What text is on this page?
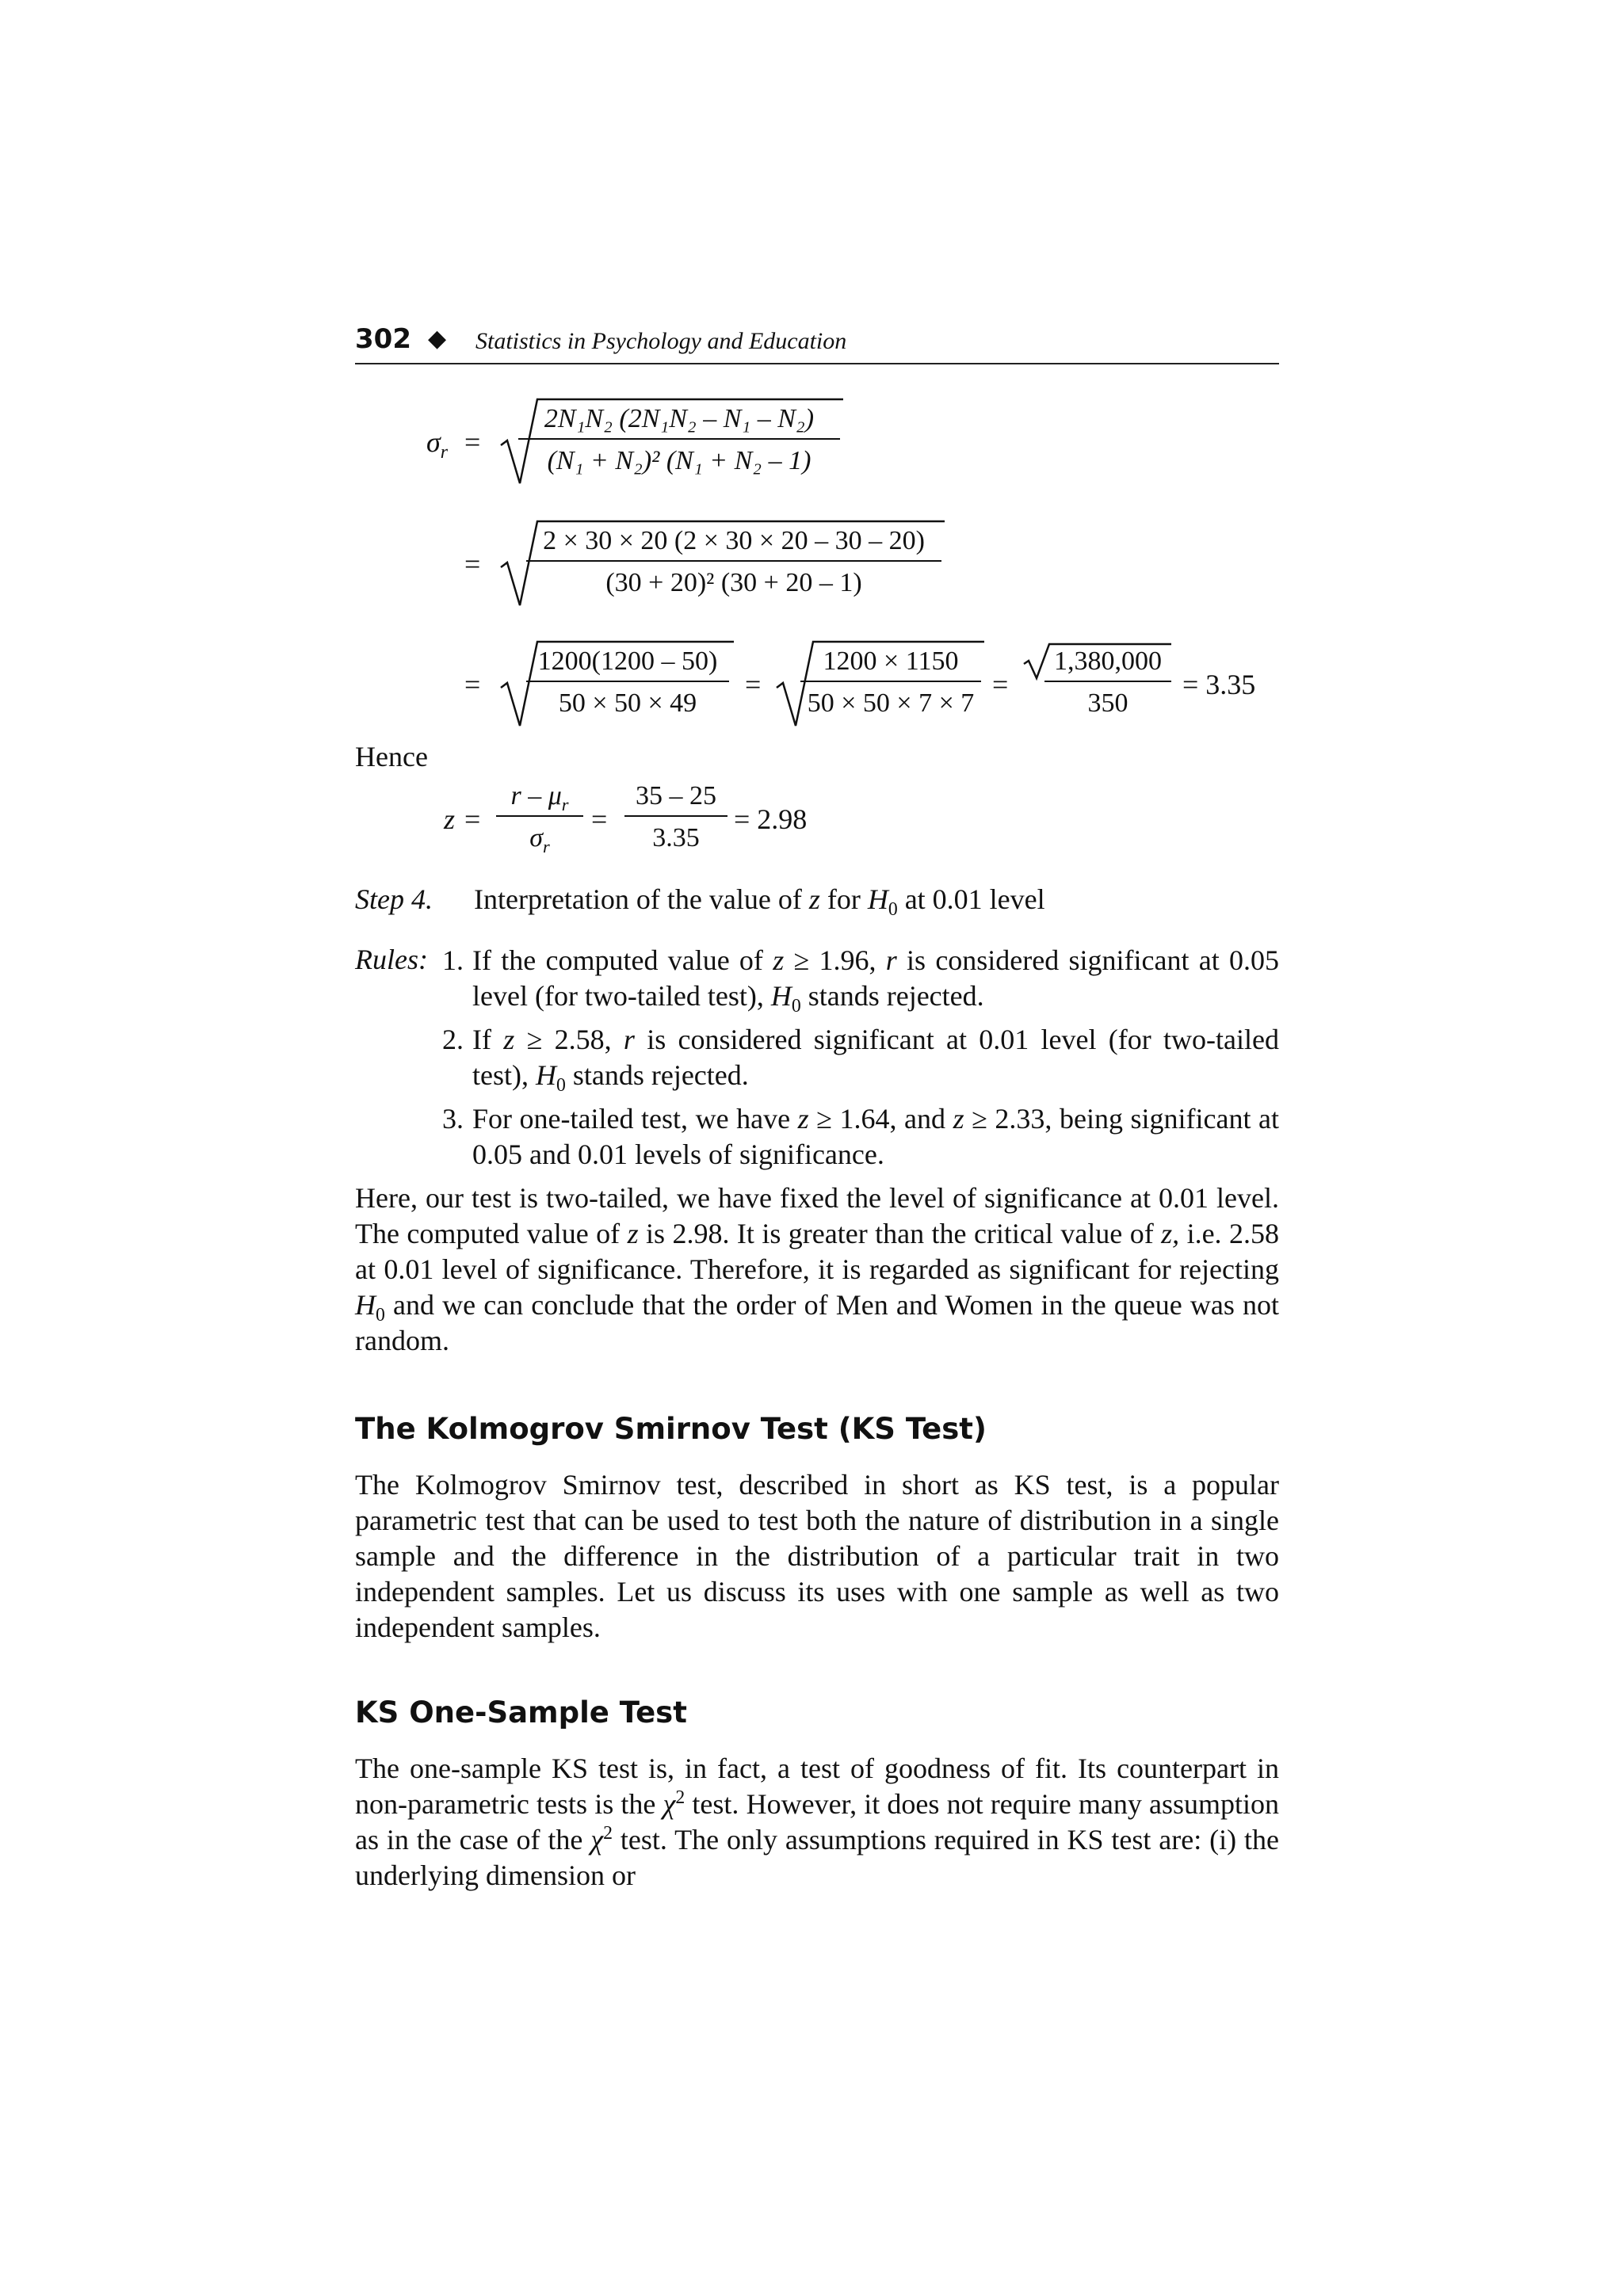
302 ◆ Statistics in Psychology and Education
$\sigma_r = \frac{\text{2N₁N₂ (2N₁N₂ – N₁ – N₂)}}{\text{(N₁ + N₂)² (N₁ + N₂ – 1)}}$
= $\frac{2 \times 30 \times 20 (2 \times 30 \times 20 - 30 - 20)}{\text{(30 + 20)² (30 + 20 – 1)}}$
= $\frac{1200(1200 - 50)}{50 \times 50 \times 49} = \frac{1200 \times 1150}{50 \times 50 \times 7 \times 7} = \frac{1,380,000}{350} = 3.35$
Hence
$z = \frac{r - \mu_r}{\sigma_r} = \frac{35 - 25}{3.35} = 2.98$
Step 4. Interpretation of the value of z for $H_0$ at 0.01 level
Rules: 1. If the computed value of z ≥ 1.96, r is considered significant at 0.05 level (for two-tailed test), $H_0$ stands rejected.
2. If z ≥ 2.58, r is considered significant at 0.01 level (for two-tailed test), $H_0$ stands rejected.
3. For one-tailed test, we have z ≥ 1.64, and z ≥ 2.33, being significant at 0.05 and 0.01 levels of significance.
Here, our test is two-tailed, we have fixed the level of significance at 0.01 level. The computed value of z is 2.98. It is greater than the critical value of z, i.e. 2.58 at 0.01 level of significance. Therefore, it is regarded as significant for rejecting $H_0$ and we can conclude that the order of Men and Women in the queue was not random.
The Kolmogrov Smirnov Test (KS Test)
The Kolmogrov Smirnov test, described in short as KS test, is a popular parametric test that can be used to test both the nature of distribution in a single sample and the difference in the distribution of a particular trait in two independent samples. Let us discuss its uses with one sample as well as two independent samples.
KS One-Sample Test
The one-sample KS test is, in fact, a test of goodness of fit. Its counterpart in non-parametric tests is the $\chi^2$ test. However, it does not require many assumption as in the case of the $\chi^2$ test. The only assumptions required in KS test are: (i) the underlying dimension or
